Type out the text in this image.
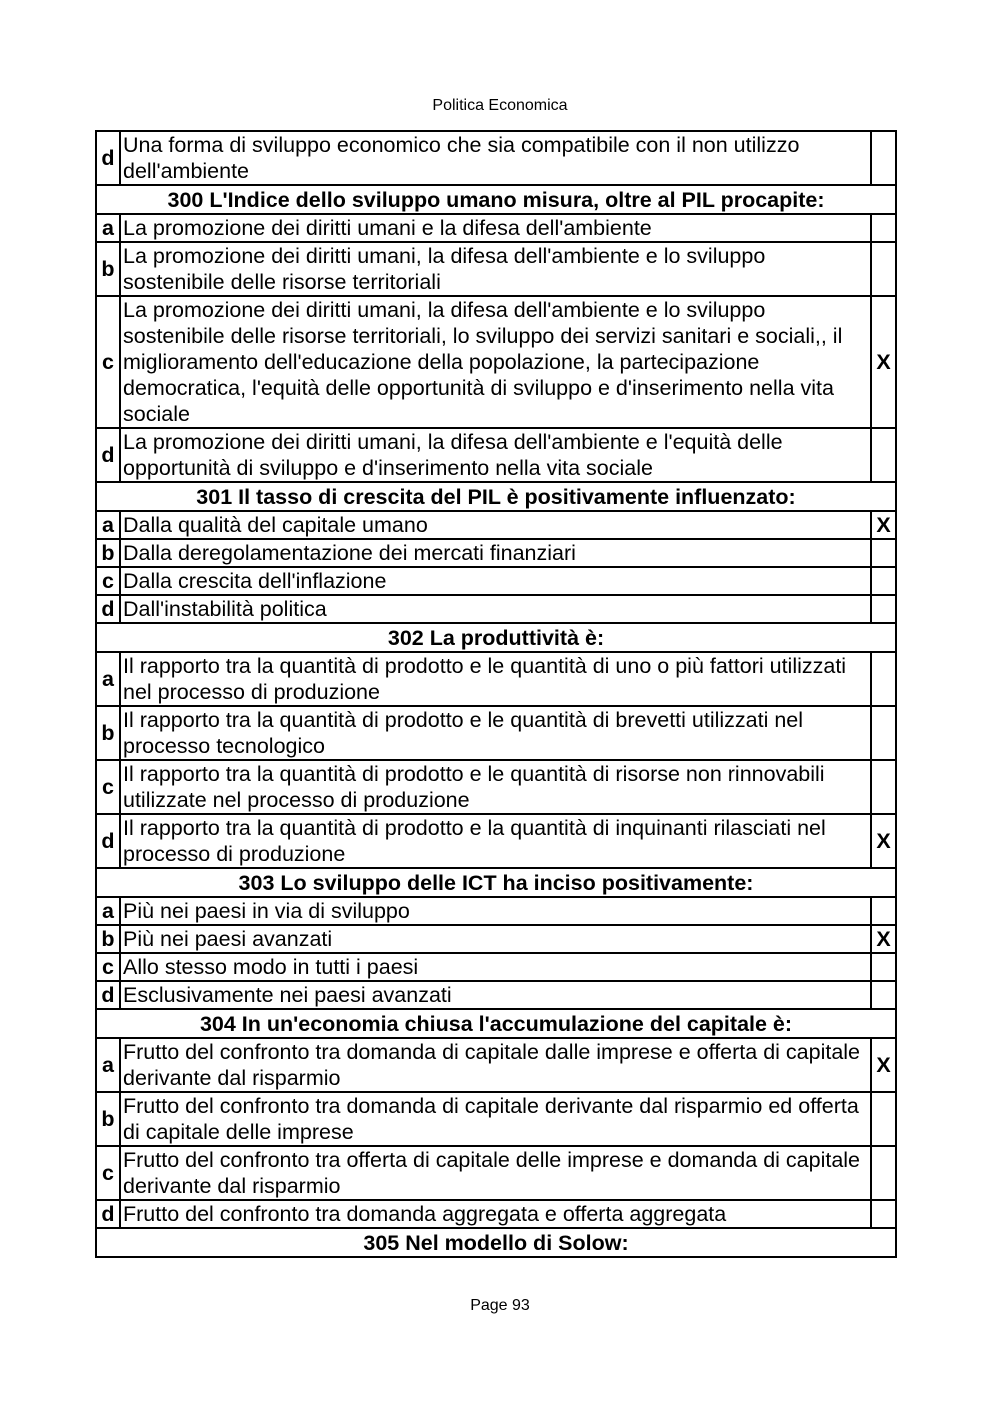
Politica Economica
d	Una forma di sviluppo economico che sia compatibile con il non utilizzo dell'ambiente	
300 L'Indice dello sviluppo umano misura, oltre al PIL procapite:		
a	La promozione dei diritti umani e la difesa dell'ambiente	
b	La promozione dei diritti umani, la difesa dell'ambiente e lo sviluppo sostenibile delle risorse territoriali	
c	La promozione dei diritti umani, la difesa dell'ambiente e lo sviluppo sostenibile delle risorse territoriali, lo sviluppo dei servizi sanitari e sociali,, il miglioramento dell'educazione della popolazione, la partecipazione democratica, l'equità delle opportunità di sviluppo e d'inserimento nella vita sociale	X
d	La promozione dei diritti umani, la difesa dell'ambiente e l'equità delle opportunità di sviluppo e d'inserimento nella vita sociale	
301 Il tasso di crescita del PIL è positivamente influenzato:		
a	Dalla qualità del capitale umano	X
b	Dalla deregolamentazione dei mercati finanziari	
c	Dalla crescita dell'inflazione	
d	Dall'instabilità politica	
302 La produttività è:		
a	Il rapporto tra la quantità di prodotto e le quantità di uno o più fattori utilizzati nel processo di produzione	
b	Il rapporto tra la quantità di prodotto e le quantità di brevetti utilizzati nel processo tecnologico	
c	Il rapporto tra la quantità di prodotto e le quantità di risorse non rinnovabili utilizzate nel processo di produzione	
d	Il rapporto tra la quantità di prodotto e la quantità di inquinanti rilasciati nel processo di produzione	X
303 Lo sviluppo delle ICT ha inciso positivamente:		
a	Più nei paesi in via di sviluppo	
b	Più nei paesi avanzati	X
c	Allo stesso modo in tutti i paesi	
d	Esclusivamente nei paesi avanzati	
304 In un'economia chiusa l'accumulazione del capitale è:		
a	Frutto del confronto tra domanda di capitale dalle imprese e offerta di capitale derivante dal risparmio	X
b	Frutto del confronto tra domanda di capitale derivante dal risparmio ed offerta di capitale delle imprese	
c	Frutto del confronto tra offerta di capitale delle imprese e domanda di capitale derivante dal risparmio	
d	Frutto del confronto tra domanda aggregata e offerta aggregata	
305 Nel modello di Solow:		
Page 93
